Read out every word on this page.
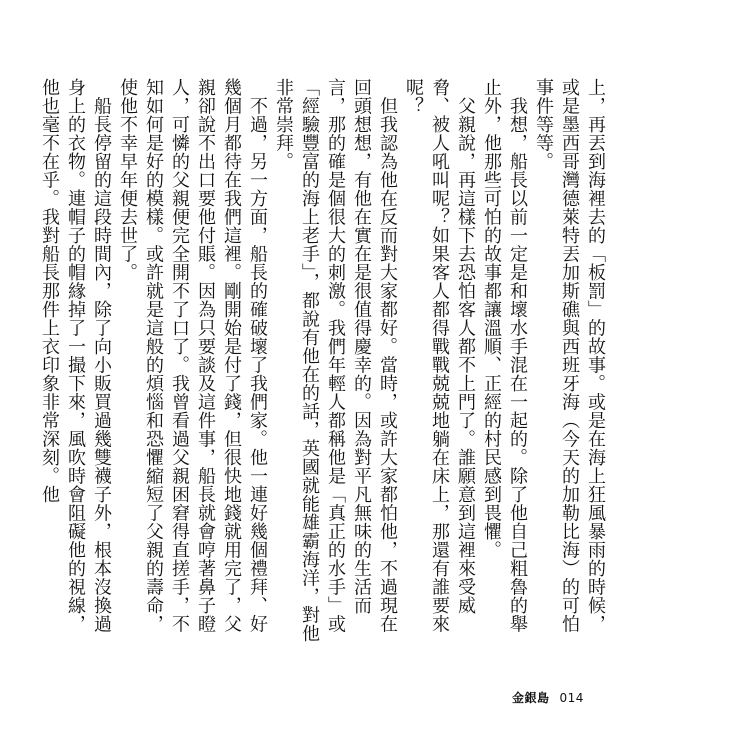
上，再丟到海裡去的「板罰」的故事。或是在海上狂風暴雨的時候，或是墨西哥灣德萊特丟加斯礁與西班牙海（今天的加勒比海）的可怕事件等等。

我想，船長以前一定是和壞水手混在一起的。除了他自己粗魯的舉止外，他那些可怕的故事都讓溫順、正經的村民感到畏懼。

父親說，再這樣下去恐怕客人都不上門了。誰願意到這裡來受威脅、被人吼叫呢？如果客人都得戰戰兢兢地躺在床上，那還有誰要來呢？

但我認為他在反而對大家都好。當時，或許大家都怕他，不過現在回頭想想，有他在實在是很值得慶幸的。因為對平凡無味的生活而言，那的確是個很大的刺激。我們年輕人都稱他是「真正的水手」或「經驗豐富的海上老手」，都說有他在的話，英國就能雄霸海洋，對他非常崇拜。

不過，另一方面，船長的確破壞了我們家。他一連好幾個禮拜、好幾個月都待在我們這裡。剛開始是付了錢，但很快地錢就用完了，父親卻說不出口要他付賬。因為只要談及這件事，船長就會哼著鼻子瞪人，可憐的父親便完全開不了口了。我曾看過父親困窘得直搓手，不知如何是好的模樣。或許就是這般的煩惱和恐懼縮短了父親的壽命，使他不幸早年便去世了。

船長停留的這段時間內，除了向小販買過幾雙襪子外，根本沒換過身上的衣物。連帽子的帽緣掉了一撮下來，風吹時會阻礙他的視線，他也毫不在乎。我對船長那件上衣印象非常深刻。他

金銀島 014
